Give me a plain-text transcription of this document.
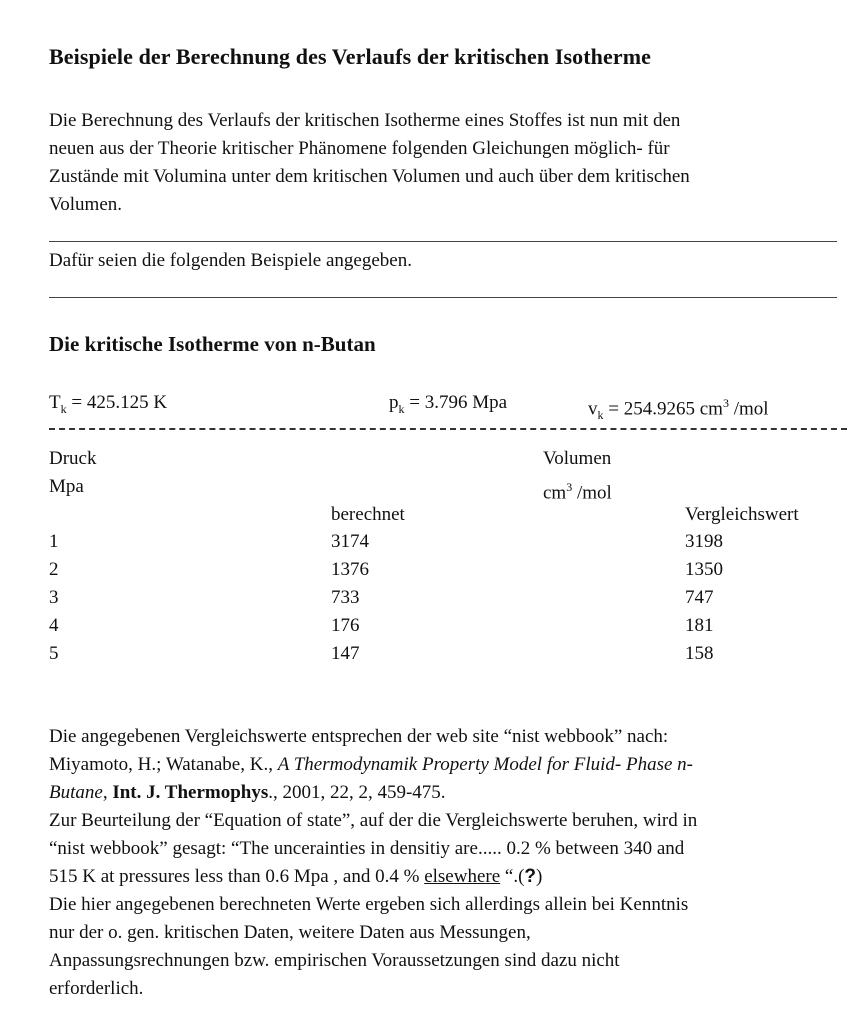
Beispiele der Berechnung des Verlaufs der kritischen Isotherme
Die Berechnung des Verlaufs der kritischen Isotherme eines Stoffes ist nun mit den
neuen aus der Theorie kritischer Phänomene folgenden Gleichungen möglich- für
Zustände mit Volumina unter dem kritischen Volumen und auch über dem kritischen
Volumen.
Dafür seien die folgenden Beispiele angegeben.
Die kritische Isotherme von n-Butan
$T_k = 425.125$ K	$p_k = 3.796$ Mpa	$v_k = 254.9265$ $cm^3$ /mol
Druck
Mpa
Volumen
$cm^3$ /mol
berechnet	Vergleichswert
1	3174	3198
2	1376	1350
3	733	747
4	176	181
5	147	158

Die angegebenen Vergleichswerte entsprechen der web site “nist webbook” nach:

Miyamoto, H.; Watanabe, K., A Thermodynamik Property Model for Fluid- Phase n-

Butane, Int. J. Thermophys., 2001, 22, 2, 459-475.

Zur Beurteilung der “Equation of state”, auf der die Vergleichswerte beruhen, wird in

“nist webbook” gesagt: “The uncerainties in densitiy are..... 0.2 % between 340 and

515 K at pressures less than 0.6 Mpa , and 0.4 % elsewhere “.(?)

Die hier angegebenen berechneten Werte ergeben sich allerdings allein bei Kenntnis

nur der o. gen. kritischen Daten, weitere Daten aus Messungen,

Anpassungsrechnungen bzw. empirischen Voraussetzungen sind dazu nicht

erforderlich.
